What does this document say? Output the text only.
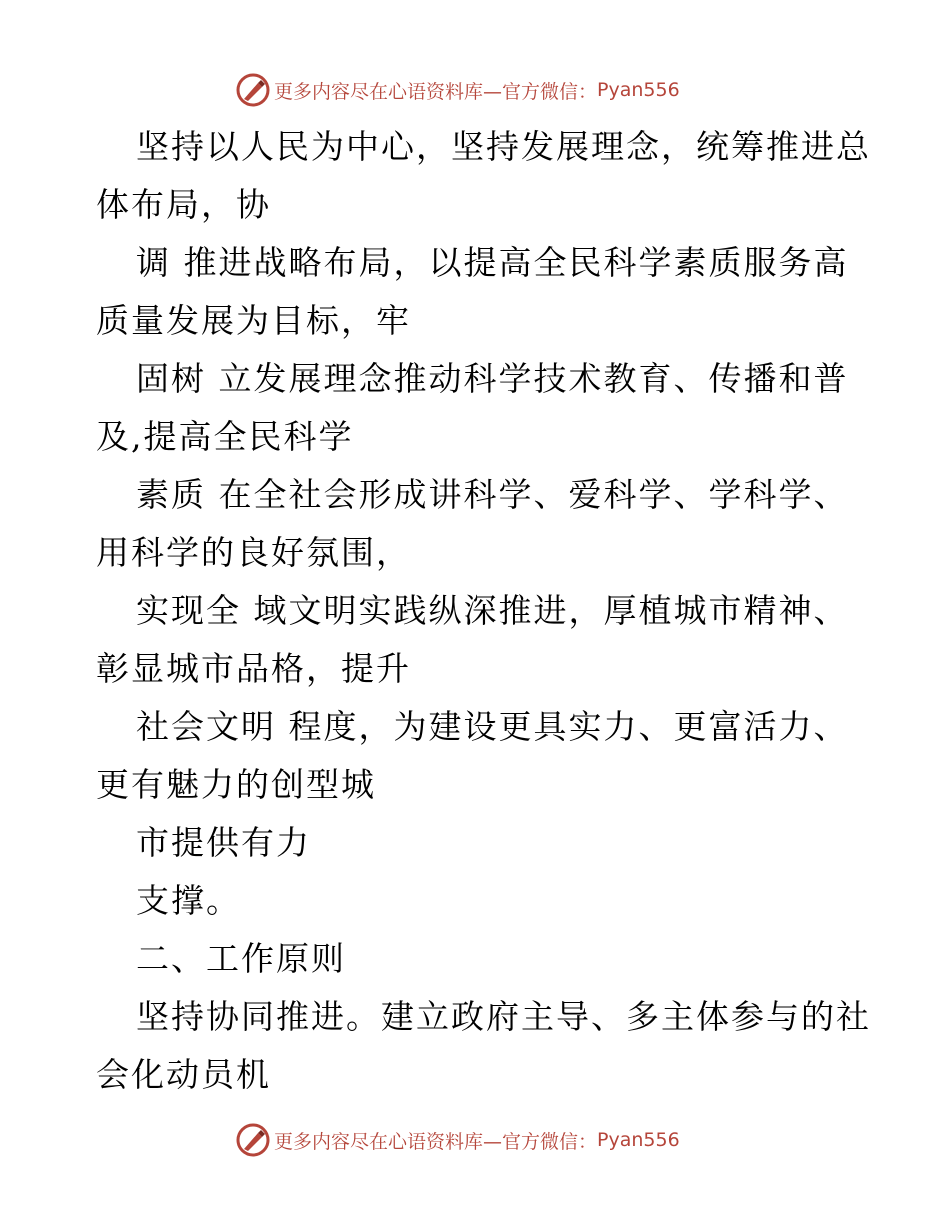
更多内容尽在心语资料库—官方微信： Pyan556
坚持以人民为中心，坚持发展理念，统筹推进总
体布局，协
调 推进战略布局，以提高全民科学素质服务高
质量发展为目标，牢
固树 立发展理念推动科学技术教育、传播和普
及,提高全民科学
素质 在全社会形成讲科学、爱科学、学科学、
用科学的良好氛围，
实现全 域文明实践纵深推进，厚植城市精神、
彰显城市品格，提升
社会文明 程度，为建设更具实力、更富活力、
更有魅力的创型城
市提供有力
支撑。
二、工作原则
坚持协同推进。建立政府主导、多主体参与的社
会化动员机
更多内容尽在心语资料库—官方微信： Pyan556
